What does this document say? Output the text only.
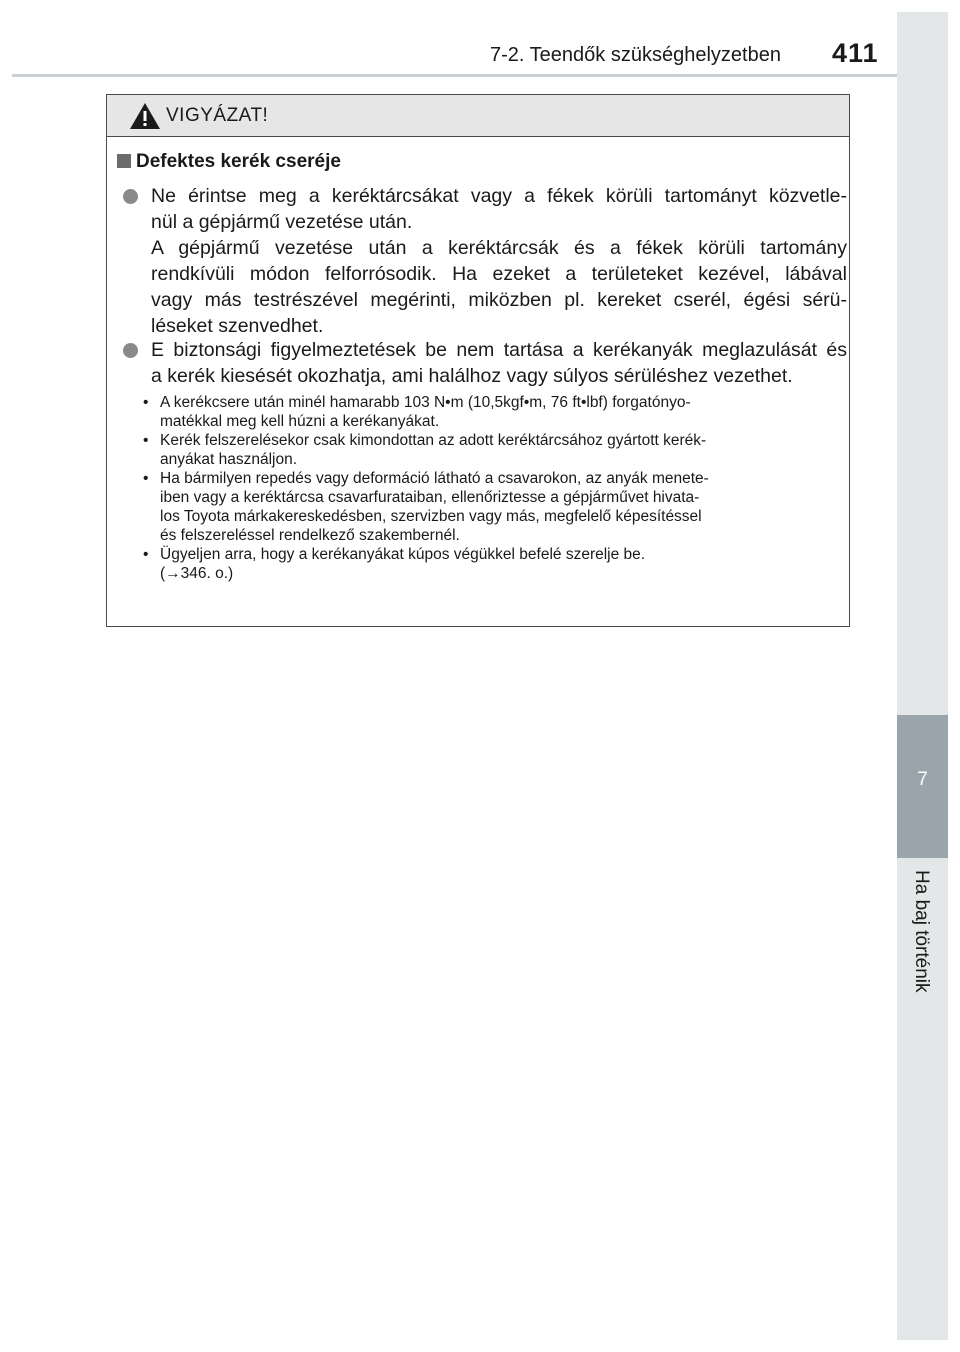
7-2. Teendők szükséghelyzetben 411
7
Ha baj történik
VIGYÁZAT!
Defektes kerék cseréje
Ne érintse meg a keréktárcsákat vagy a fékek körüli tartományt közvetle-
nül a gépjármű vezetése után.
A gépjármű vezetése után a keréktárcsák és a fékek körüli tartomány
rendkívüli módon felforrósodik. Ha ezeket a területeket kezével, lábával
vagy más testrészével megérinti, miközben pl. kereket cserél, égési sérü-
léseket szenvedhet.
E biztonsági figyelmeztetések be nem tartása a kerékanyák meglazulását és
a kerék kiesését okozhatja, ami halálhoz vagy súlyos sérüléshez vezethet.
• A kerékcsere után minél hamarabb 103 N•m (10,5kgf•m, 76 ft•lbf) forgatónyo-
matékkal meg kell húzni a kerékanyákat.
• Kerék felszerelésekor csak kimondottan az adott keréktárcsához gyártott kerék-
anyákat használjon.
• Ha bármilyen repedés vagy deformáció látható a csavarokon, az anyák menete-
iben vagy a keréktárcsa csavarfurataiban, ellenőriztesse a gépjárművet hivata-
los Toyota márkakereskedésben, szervizben vagy más, megfelelő képesítéssel
és felszereléssel rendelkező szakembernél.
• Ügyeljen arra, hogy a kerékanyákat kúpos végükkel befelé szerelje be.
(→346. o.)
